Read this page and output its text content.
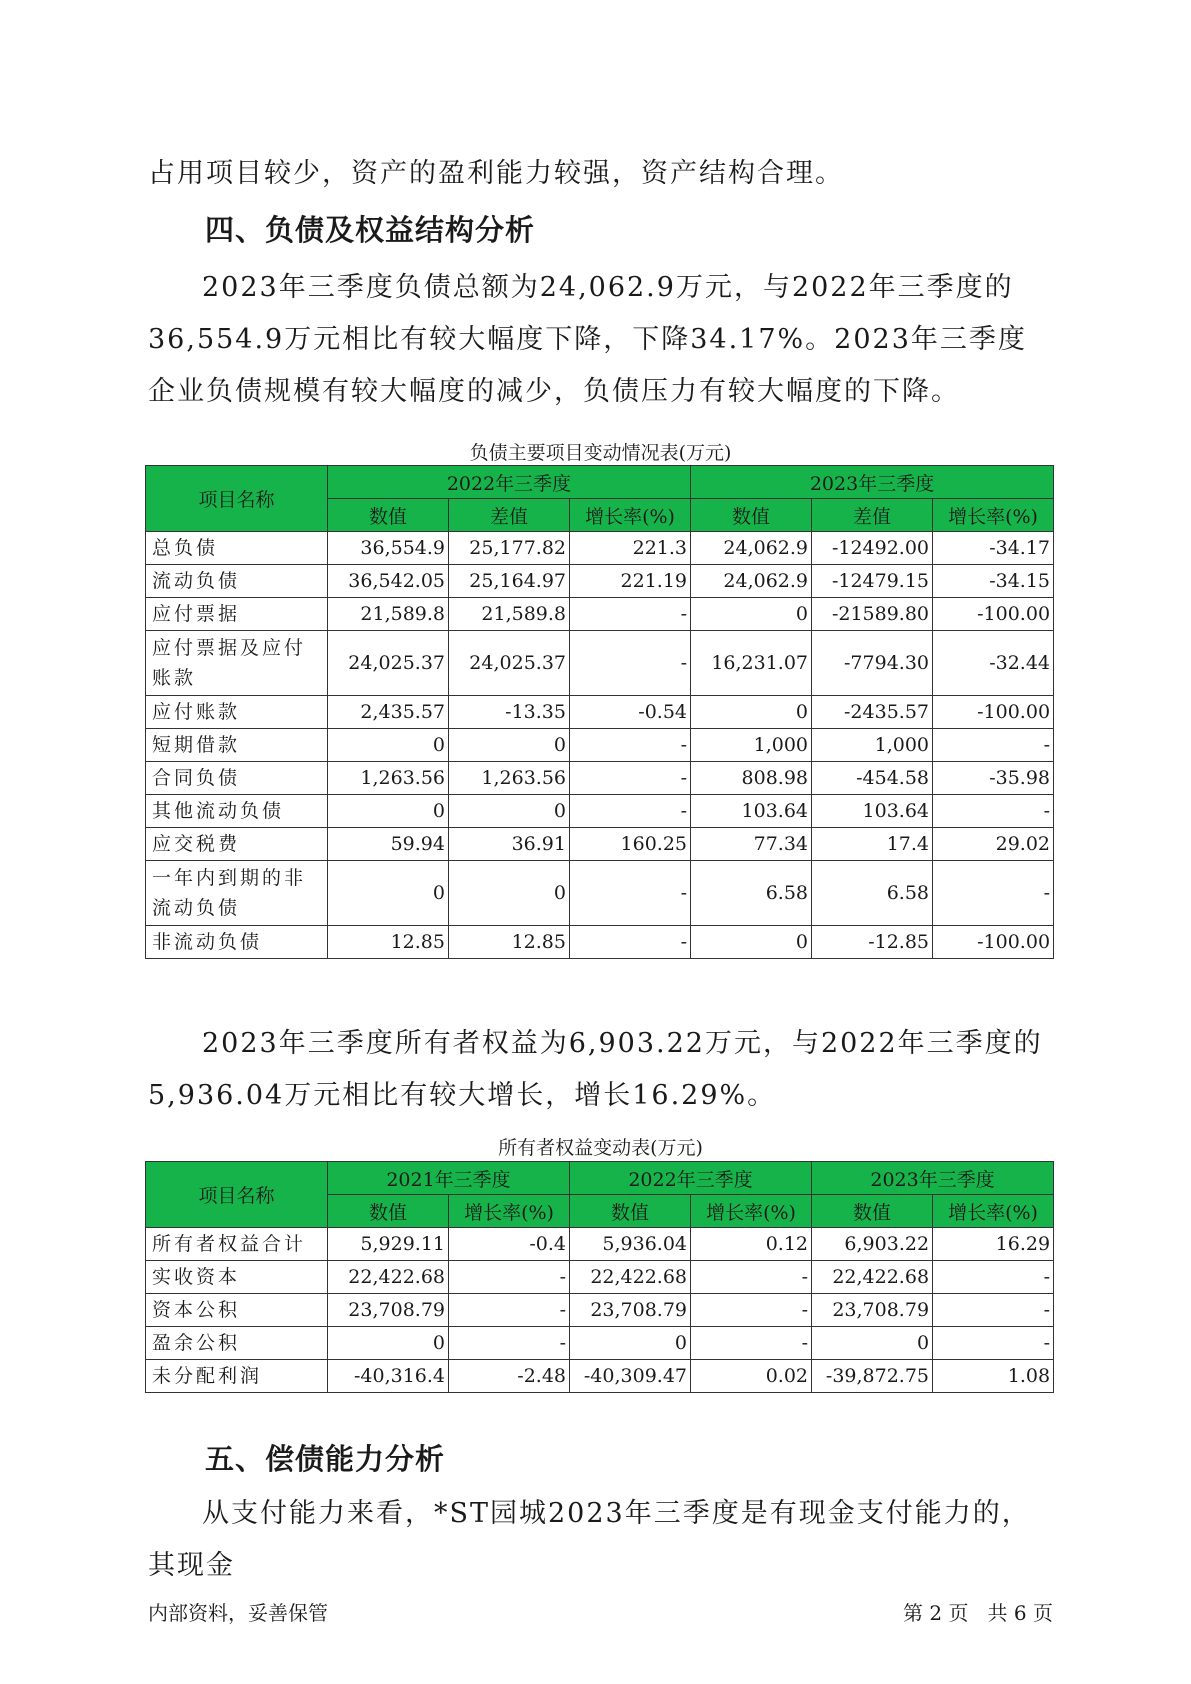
占用项目较少，资产的盈利能力较强，资产结构合理。

四、负债及权益结构分析

2023年三季度负债总额为24,062.9万元，与2022年三季度的36,554.9万元相比有较大幅度下降，下降34.17%。2023年三季度企业负债规模有较大幅度的减少，负债压力有较大幅度的下降。

负债主要项目变动情况表(万元)
项目名称	2022年三季度			2023年三季度		
	数值	差值	增长率(%)	数值	差值	增长率(%)
总负债	36,554.9	25,177.82	221.3	24,062.9	-12492.00	-34.17
流动负债	36,542.05	25,164.97	221.19	24,062.9	-12479.15	-34.15
应付票据	21,589.8	21,589.8	-	0	-21589.80	-100.00
应付票据及应付账款	24,025.37	24,025.37	-	16,231.07	-7794.30	-32.44
应付账款	2,435.57	-13.35	-0.54	0	-2435.57	-100.00
短期借款	0	0	-	1,000	1,000	-
合同负债	1,263.56	1,263.56	-	808.98	-454.58	-35.98
其他流动负债	0	0	-	103.64	103.64	-
应交税费	59.94	36.91	160.25	77.34	17.4	29.02
一年内到期的非流动负债	0	0	-	6.58	6.58	-
非流动负债	12.85	12.85	-	0	-12.85	-100.00

2023年三季度所有者权益为6,903.22万元，与2022年三季度的5,936.04万元相比有较大增长，增长16.29%。

所有者权益变动表(万元)
项目名称	2021年三季度		2022年三季度		2023年三季度	
	数值	增长率(%)	数值	增长率(%)	数值	增长率(%)
所有者权益合计	5,929.11	-0.4	5,936.04	0.12	6,903.22	16.29
实收资本	22,422.68	-	22,422.68	-	22,422.68	-
资本公积	23,708.79	-	23,708.79	-	23,708.79	-
盈余公积	0	-	0	-	0	-
未分配利润	-40,316.4	-2.48	-40,309.47	0.02	-39,872.75	1.08
五、偿债能力分析

从支付能力来看，*ST园城2023年三季度是有现金支付能力的，其现金

内部资料，妥善保管	第 2 页   共 6 页
